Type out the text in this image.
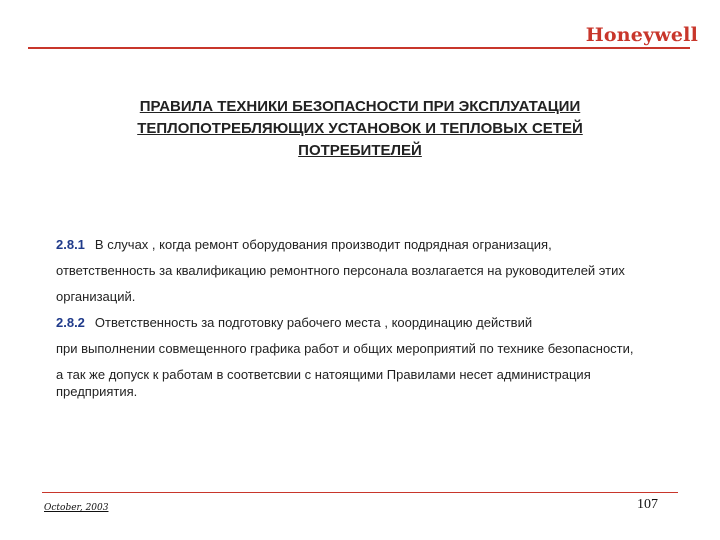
Honeywell
ПРАВИЛА ТЕХНИКИ БЕЗОПАСНОСТИ ПРИ ЭКСПЛУАТАЦИИ
ТЕПЛОПОТРЕБЛЯЮЩИХ УСТАНОВОК И ТЕПЛОВЫХ СЕТЕЙ
ПОТРЕБИТЕЛЕЙ

2.8.1 В случах , когда ремонт оборудования производит подрядная огранизация,

ответственность за квалификацию ремонтного персонала возлагается на руководителей этих

организаций.

2.8.2 Ответственность за подготовку рабочего места , координацию действий

при выполнении совмещенного графика работ и общих мероприятий по технике безопасности,

а так же допуск к работам в соответсвии с натоящими Правилами несет администрация предприятия.

October, 2003	107
